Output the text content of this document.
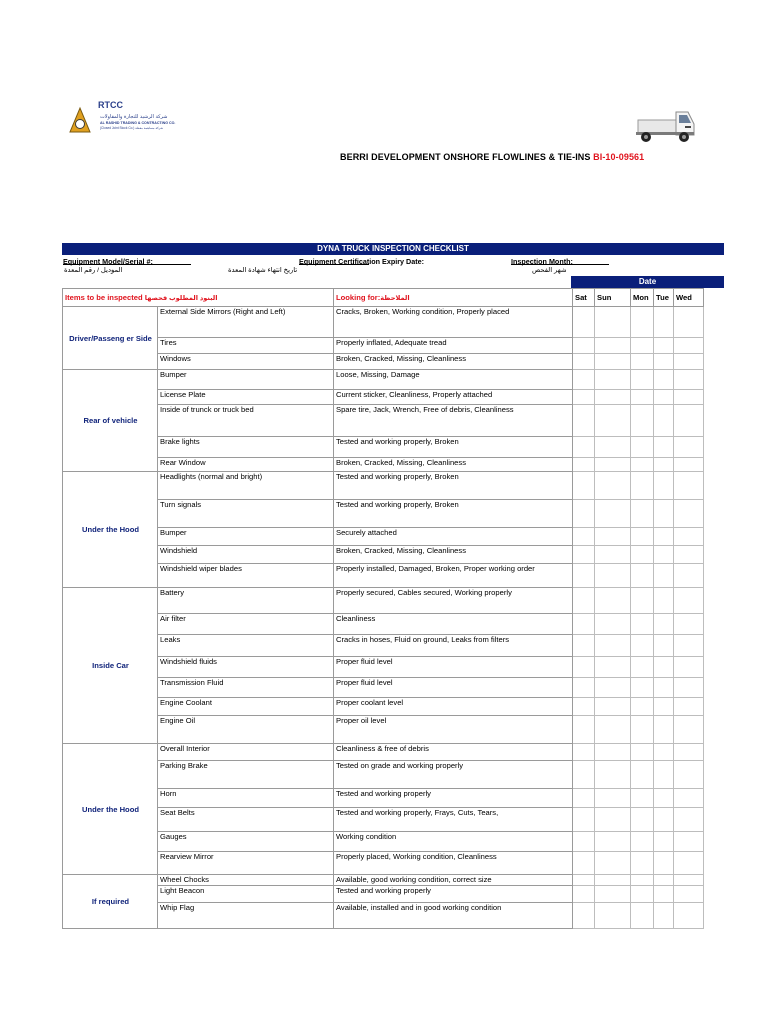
RTCC
شركة الرشيد للتجارة والمقاولات
AL RASHID TRADING & CONTRACTING CO.
(Closed Joint Stock Co.) شركة مساهمة مقفلة
BERRI DEVELOPMENT ONSHORE FLOWLINES & TIE-INS BI-10-09561
DYNA TRUCK INSPECTION CHECKLIST
Equipment Model/Serial #:	Equipment Certification Expiry Date:	Inspection Month:
الموديل / رقم المعدة	تاريخ انتهاء شهادة المعدة	شهر الفحص
Date
Items to be inspected البنود المطلوب فحصها		Looking for:الملاحظة	Sat	Sun	Mon	Tue	Wed
Driver/Passeng er Side	External Side Mirrors (Right and Left)	Cracks, Broken, Working condition, Properly placed					
	Tires	Properly inflated, Adequate tread					
	Windows	Broken, Cracked, Missing, Cleanliness					
Rear of vehicle	Bumper	Loose, Missing, Damage					
	License Plate	Current sticker, Cleanliness, Properly attached					
	Inside of trunck or truck bed	Spare tire, Jack, Wrench, Free of debris, Cleanliness					
	Brake lights	Tested and working properly, Broken					
	Rear Window	Broken, Cracked, Missing, Cleanliness					
Under the Hood	Headlights (normal and bright)	Tested and working properly, Broken					
	Turn signals	Tested and working properly, Broken					
	Bumper	Securely attached					
	Windshield	Broken, Cracked, Missing, Cleanliness					
	Windshield wiper blades	Properly installed, Damaged, Broken, Proper working order					
Inside Car	Battery	Properly secured, Cables secured, Working properly					
	Air filter	Cleanliness					
	Leaks	Cracks in hoses, Fluid on ground, Leaks from filters					
	Windshield fluids	Proper fluid level					
	Transmission Fluid	Proper fluid level					
	Engine Coolant	Proper coolant level					
	Engine Oil	Proper oil level					
Under the Hood	Overall Interior	Cleanliness & free of debris					
	Parking Brake	Tested on grade and working properly					
	Horn	Tested and working properly					
	Seat Belts	Tested and working properly, Frays, Cuts, Tears,					
	Gauges	Working condition					
	Rearview Mirror	Properly placed, Working condition, Cleanliness					
If required	Wheel Chocks	Available, good working condition, correct size					
	Light Beacon	Tested and working properly					
	Whip Flag	Available, installed and in good working condition					
